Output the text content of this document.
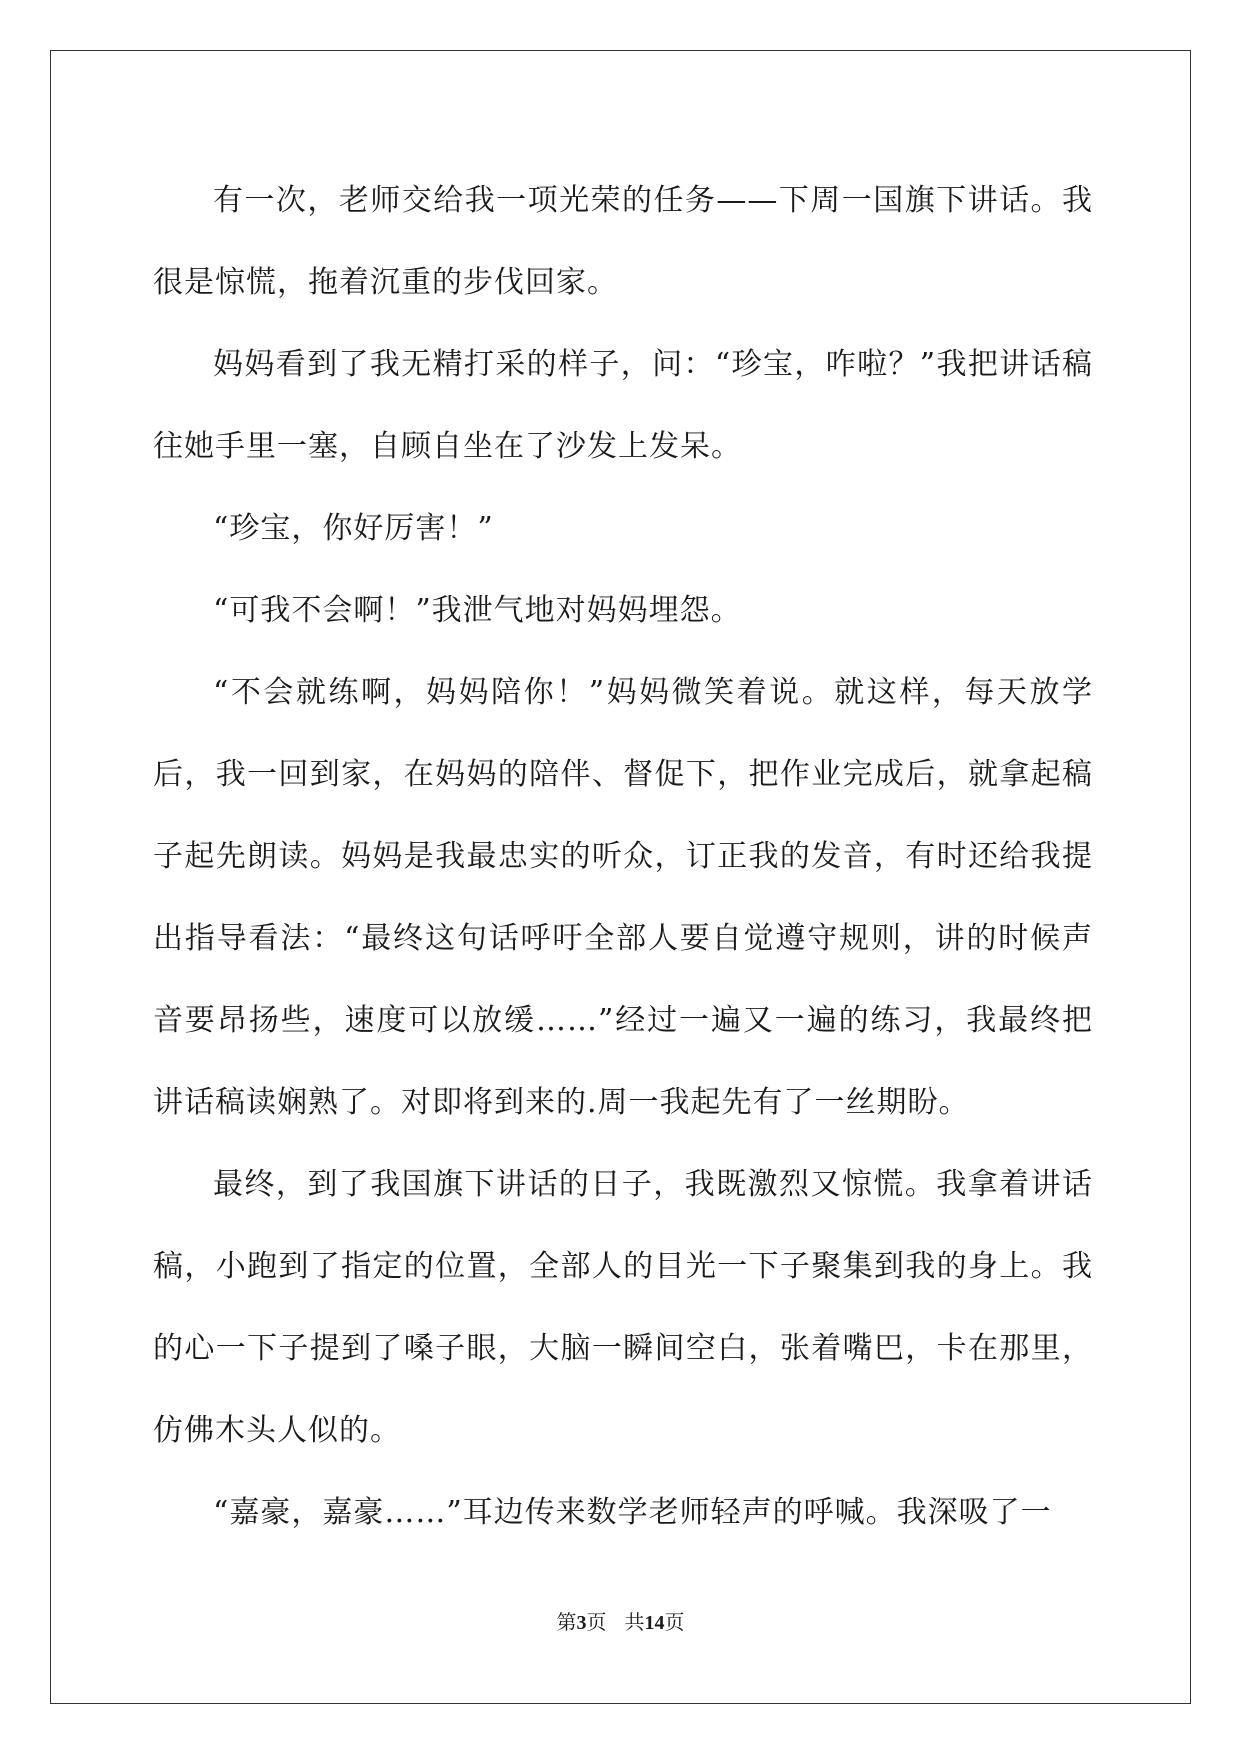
有一次，老师交给我一项光荣的任务——下周一国旗下讲话。我很是惊慌，拖着沉重的步伐回家。

妈妈看到了我无精打采的样子，问：“珍宝，咋啦？”我把讲话稿往她手里一塞，自顾自坐在了沙发上发呆。

“珍宝，你好厉害！”

“可我不会啊！”我泄气地对妈妈埋怨。

“不会就练啊，妈妈陪你！”妈妈微笑着说。就这样，每天放学后，我一回到家，在妈妈的陪伴、督促下，把作业完成后，就拿起稿子起先朗读。妈妈是我最忠实的听众，订正我的发音，有时还给我提出指导看法：“最终这句话呼吁全部人要自觉遵守规则，讲的时候声音要昂扬些，速度可以放缓……”经过一遍又一遍的练习，我最终把讲话稿读娴熟了。对即将到来的.周一我起先有了一丝期盼。

最终，到了我国旗下讲话的日子，我既激烈又惊慌。我拿着讲话稿，小跑到了指定的位置，全部人的目光一下子聚集到我的身上。我的心一下子提到了嗓子眼，大脑一瞬间空白，张着嘴巴，卡在那里，仿佛木头人似的。

“嘉豪，嘉豪……”耳边传来数学老师轻声的呼喊。我深吸了一

第3页 共14页
